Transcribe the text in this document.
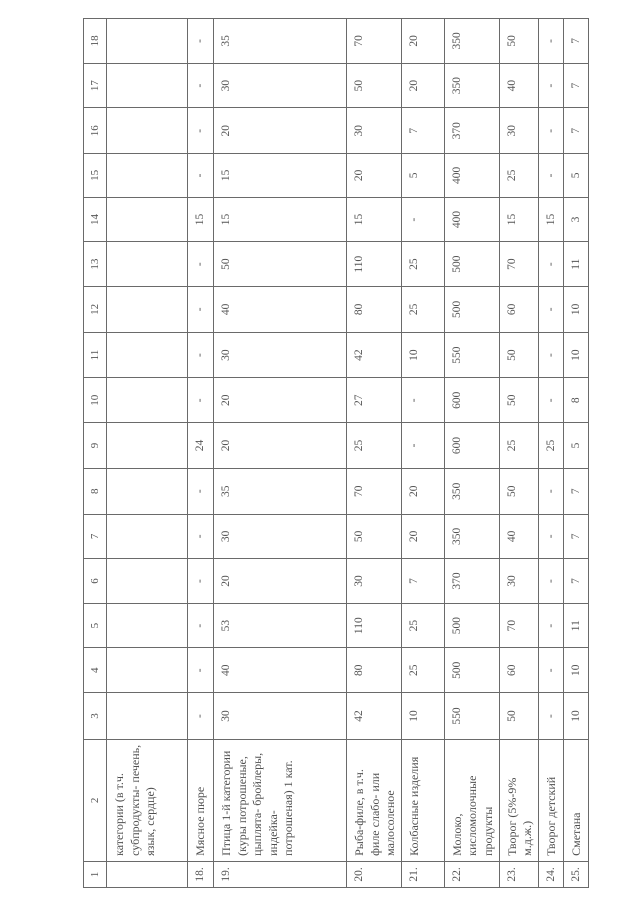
1	2	3	4	5	6	7	8	9	10	11	12	13	14	15	16	17	18
	категории (в т.ч. субпродукты- печень, язык, сердце)																
18.	Мясное пюре	-	-	-	-	-	-	24	-	-	-	-	15	-	-	-	-
19.	Птица 1-й категории (куры потрошеные, цыплята- бройлеры, индейка- потрошеная) 1 кат.	30	40	53	20	30	35	20	20	30	40	50	15	15	20	30	35
20.	Рыба-филе, в т.ч. филе слабо- или малосоленое	42	80	110	30	50	70	25	27	42	80	110	15	20	30	50	70
21.	Колбасные изделия	10	25	25	7	20	20	-	-	10	25	25	-	5	7	20	20
22.	Молоко, кисломолочные продукты	550	500	500	370	350	350	600	600	550	500	500	400	400	370	350	350
23.	Творог (5%-9% м.д.ж.)	50	60	70	30	40	50	25	50	50	60	70	15	25	30	40	50
24.	Творог детский	-	-	-	-	-	-	25	-	-	-	-	15	-	-	-	-
25.	Сметана	10	10	11	7	7	7	5	8	10	10	11	3	5	7	7	7
